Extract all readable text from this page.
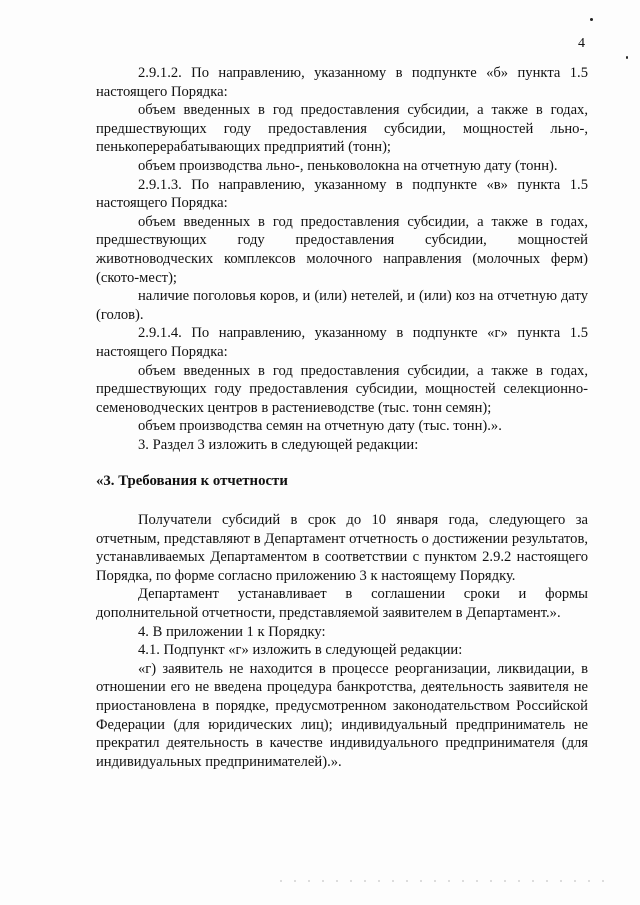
4

2.9.1.2. По направлению, указанному в подпункте «б» пункта 1.5 настоящего Порядка:

объем введенных в год предоставления субсидии, а также в годах, предшествующих году предоставления субсидии, мощностей льно-, пенькоперерабатывающих предприятий (тонн);

объем производства льно-, пеньковолокна на отчетную дату (тонн).

2.9.1.3. По направлению, указанному в подпункте «в» пункта 1.5 настоящего Порядка:

объем введенных в год предоставления субсидии, а также в годах, предшествующих году предоставления субсидии, мощностей животноводческих комплексов молочного направления (молочных ферм) (ското-мест);

наличие поголовья коров, и (или) нетелей, и (или) коз на отчетную дату (голов).

2.9.1.4. По направлению, указанному в подпункте «г» пункта 1.5 настоящего Порядка:

объем введенных в год предоставления субсидии, а также в годах, предшествующих году предоставления субсидии, мощностей селекционно-семеноводческих центров в растениеводстве (тыс. тонн семян);

объем производства семян на отчетную дату (тыс. тонн).».

3. Раздел 3 изложить в следующей редакции:

«3. Требования к отчетности

Получатели субсидий в срок до 10 января года, следующего за отчетным, представляют в Департамент отчетность о достижении результатов, устанавливаемых Департаментом в соответствии с пунктом 2.9.2 настоящего Порядка, по форме согласно приложению 3 к настоящему Порядку.

Департамент устанавливает в соглашении сроки и формы дополнительной отчетности, представляемой заявителем в Департамент.».

4. В приложении 1 к Порядку:

4.1. Подпункт «г» изложить в следующей редакции:

«г) заявитель не находится в процессе реорганизации, ликвидации, в отношении его не введена процедура банкротства, деятельность заявителя не приостановлена в порядке, предусмотренном законодательством Российской Федерации (для юридических лиц); индивидуальный предприниматель не прекратил деятельность в качестве индивидуального предпринимателя (для индивидуальных предпринимателей).».
